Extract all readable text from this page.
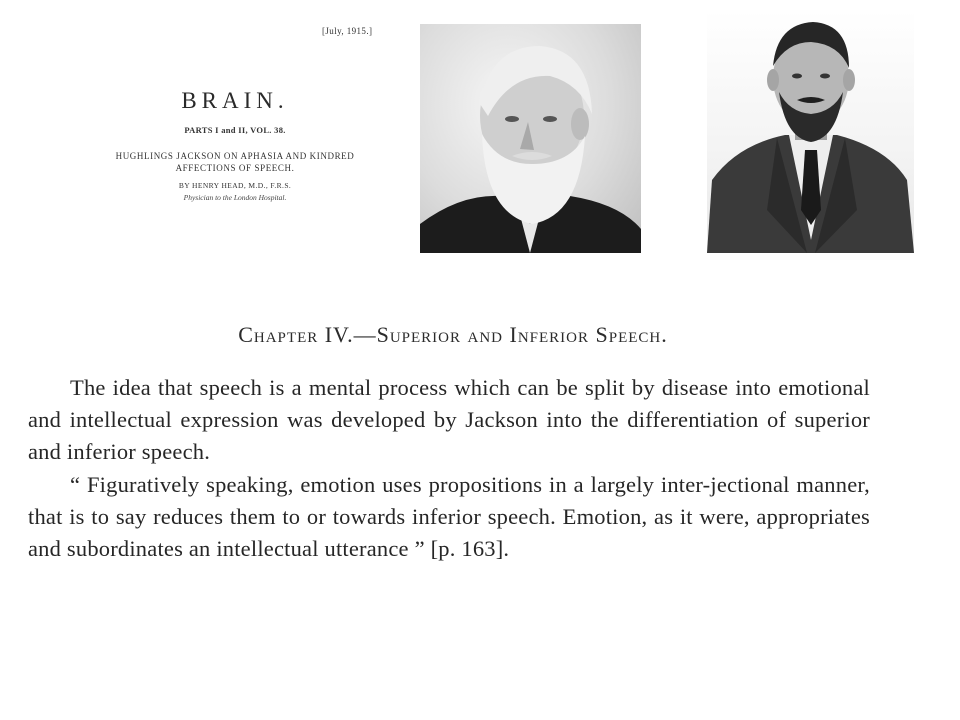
[July, 1915.]
BRAIN.
PARTS I and II, VOL. 38.
HUGHLINGS JACKSON ON APHASIA AND KINDRED
AFFECTIONS OF SPEECH.
BY HENRY HEAD, M.D., F.R.S.
Physician to the London Hospital.
Chapter IV.—Superior and Inferior Speech.
The idea that speech is a mental process which can be split by disease into emotional and intellectual expression was developed by Jackson into the differentiation of superior and inferior speech.
“ Figuratively speaking, emotion uses propositions in a largely inter-jectional manner, that is to say reduces them to or towards inferior speech. Emotion, as it were, appropriates and subordinates an intellectual utterance ” [p. 163].
